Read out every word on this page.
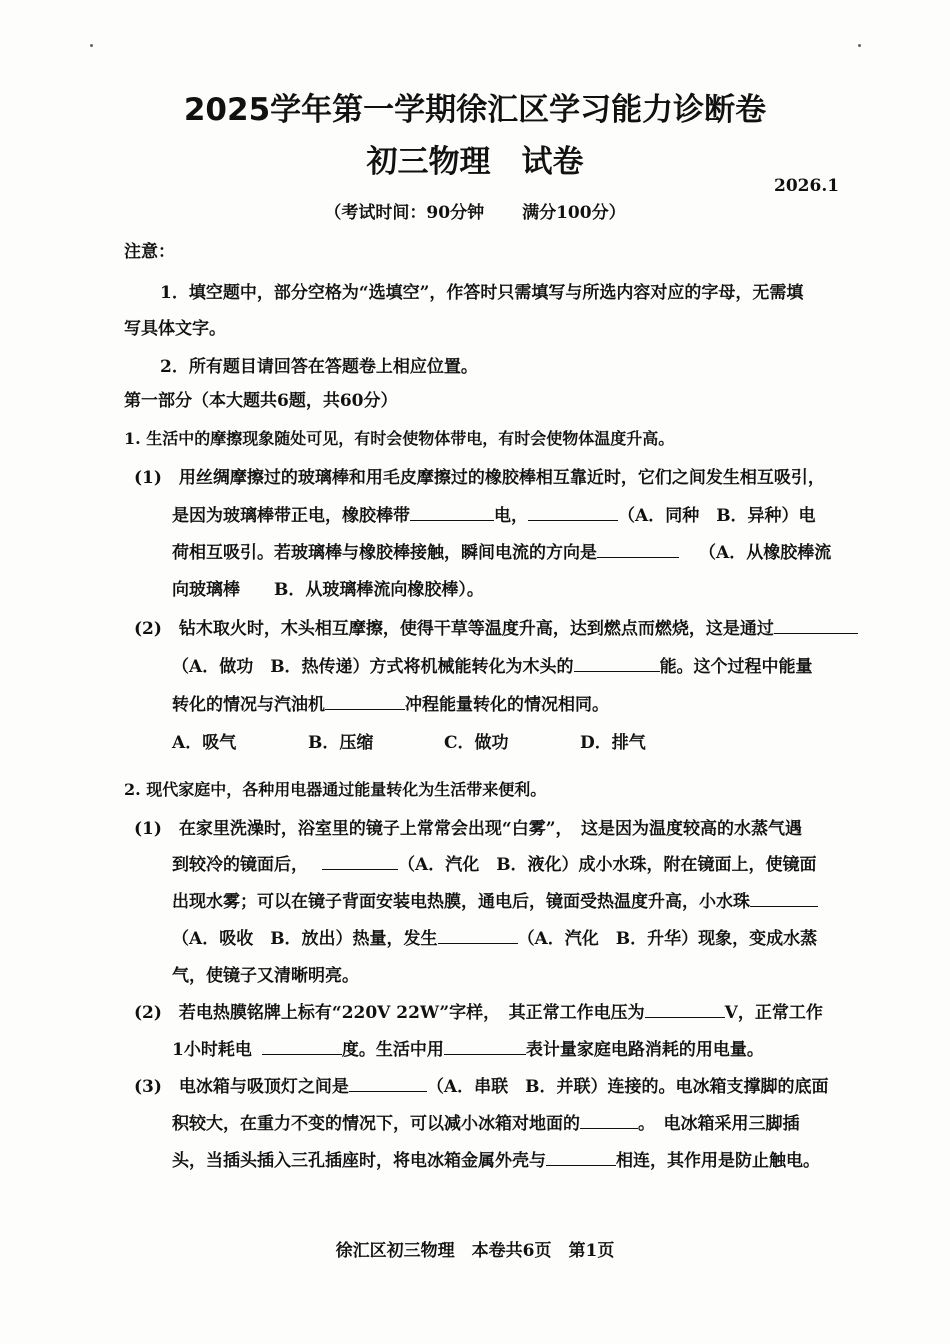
2025学年第一学期徐汇区学习能力诊断卷
初三物理　试卷
2026.1
（考试时间：90分钟 满分100分）
注意：
1．填空题中，部分空格为“选填空”，作答时只需填写与所选内容对应的字母，无需填
写具体文字。
2．所有题目请回答在答题卷上相应位置。
第一部分（本大题共6题，共60分）
1. 生活中的摩擦现象随处可见，有时会使物体带电，有时会使物体温度升高。
(1)　用丝绸摩擦过的玻璃棒和用毛皮摩擦过的橡胶棒相互靠近时，它们之间发生相互吸引，
是因为玻璃棒带正电，橡胶棒带	电，	（A．同种　B．异种）电
荷相互吸引。若玻璃棒与橡胶棒接触，瞬间电流的方向是	（A．从橡胶棒流
向玻璃棒　　B．从玻璃棒流向橡胶棒）。
(2)　钻木取火时，木头相互摩擦，使得干草等温度升高，达到燃点而燃烧，这是通过
（A．做功　B．热传递）方式将机械能转化为木头的	能。这个过程中能量
转化的情况与汽油机	冲程能量转化的情况相同。
A．吸气	B．压缩	C．做功	D．排气
2. 现代家庭中，各种用电器通过能量转化为生活带来便利。
(1)　在家里洗澡时，浴室里的镜子上常常会出现“白雾”，　这是因为温度较高的水蒸气遇
到较冷的镜面后，	（A．汽化　B．液化）成小水珠，附在镜面上，使镜面
出现水雾；可以在镜子背面安装电热膜，通电后，镜面受热温度升高，小水珠
（A．吸收　B．放出）热量，发生	（A．汽化　B．升华）现象，变成水蒸
气，使镜子又清晰明亮。
(2)　若电热膜铭牌上标有“220V 22W”字样，　其正常工作电压为	V，正常工作
1小时耗电	度。生活中用	表计量家庭电路消耗的用电量。
(3)　电冰箱与吸顶灯之间是	（A．串联　B．并联）连接的。电冰箱支撑脚的底面
积较大，在重力不变的情况下，可以减小冰箱对地面的	。　电冰箱采用三脚插
头，当插头插入三孔插座时，将电冰箱金属外壳与	相连，其作用是防止触电。
徐汇区初三物理　本卷共6页　第1页
